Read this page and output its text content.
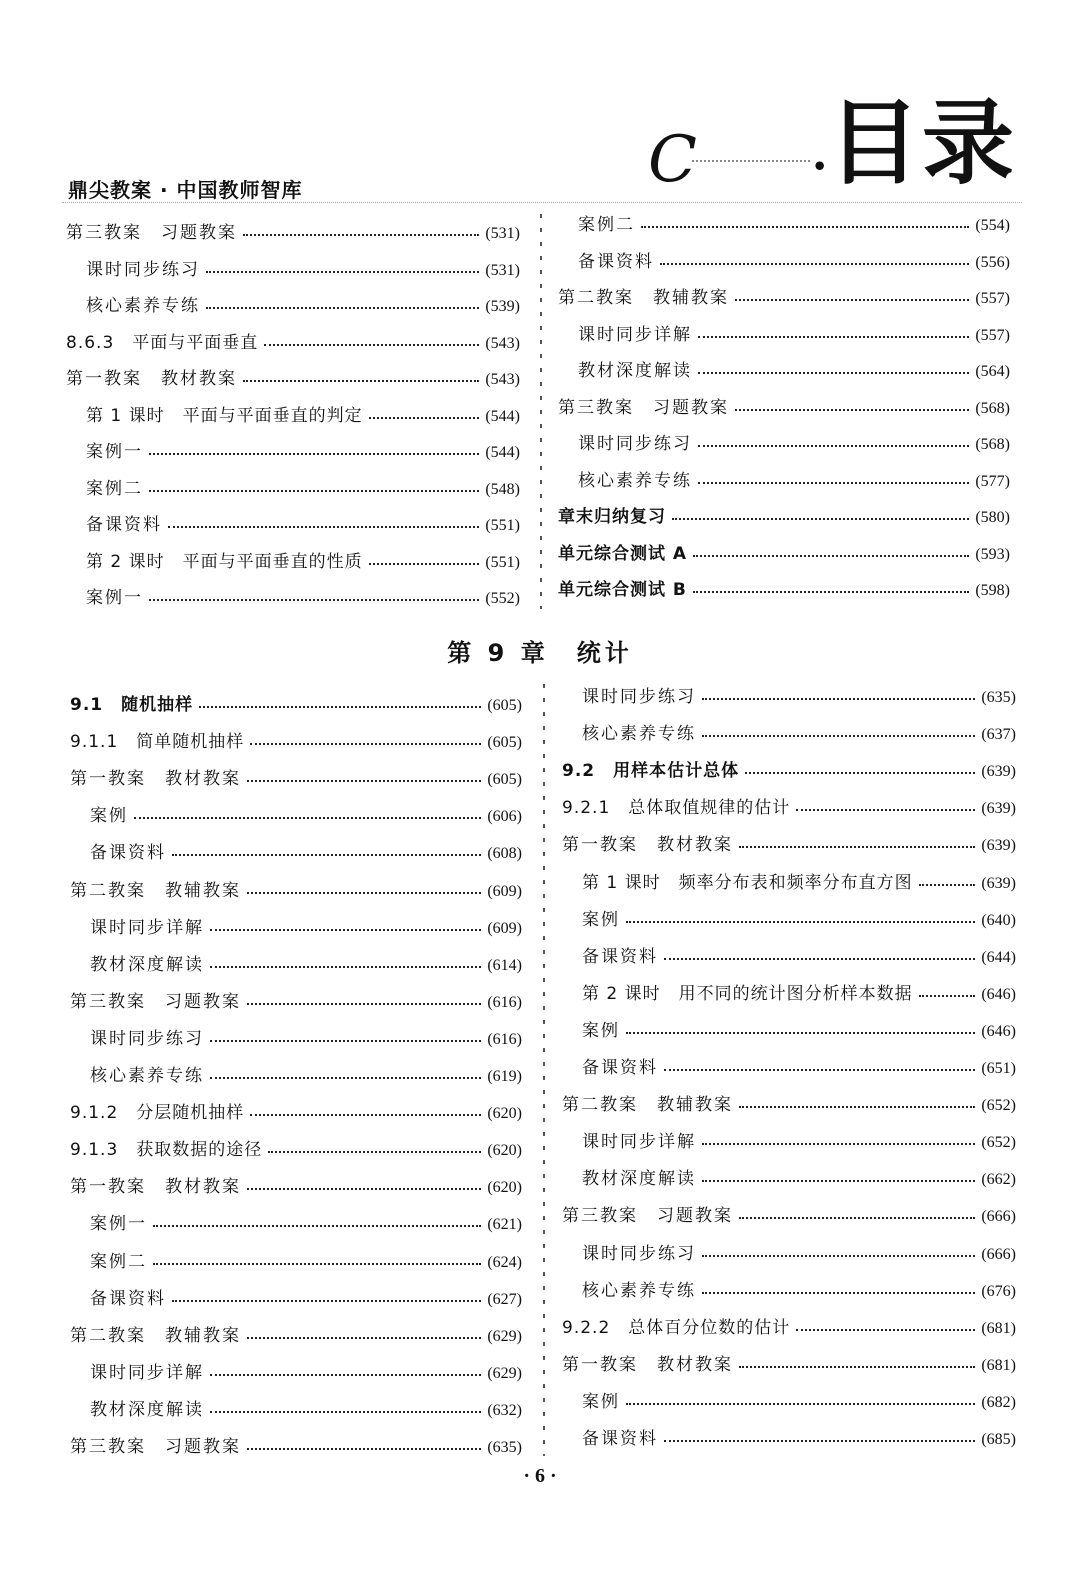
鼎尖教案 · 中国教师智库	C	• 目录
第三教案　习题教案	(531)
课时同步练习	(531)
核心素养专练	(539)
8.6.3　平面与平面垂直	(543)
第一教案　教材教案	(543)
第 1 课时　平面与平面垂直的判定	(544)
案例一	(544)
案例二	(548)
备课资料	(551)
第 2 课时　平面与平面垂直的性质	(551)
案例一	(552)
案例二	(554)
备课资料	(556)
第二教案　教辅教案	(557)
课时同步详解	(557)
教材深度解读	(564)
第三教案　习题教案	(568)
课时同步练习	(568)
核心素养专练	(577)
章末归纳复习	(580)
单元综合测试 A	(593)
单元综合测试 B	(598)
第 9 章　统计
9.1　随机抽样	(605)
9.1.1　简单随机抽样	(605)
第一教案　教材教案	(605)
案例	(606)
备课资料	(608)
第二教案　教辅教案	(609)
课时同步详解	(609)
教材深度解读	(614)
第三教案　习题教案	(616)
课时同步练习	(616)
核心素养专练	(619)
9.1.2　分层随机抽样	(620)
9.1.3　获取数据的途径	(620)
第一教案　教材教案	(620)
案例一	(621)
案例二	(624)
备课资料	(627)
第二教案　教辅教案	(629)
课时同步详解	(629)
教材深度解读	(632)
第三教案　习题教案	(635)
课时同步练习	(635)
核心素养专练	(637)
9.2　用样本估计总体	(639)
9.2.1　总体取值规律的估计	(639)
第一教案　教材教案	(639)
第 1 课时　频率分布表和频率分布直方图	(639)
案例	(640)
备课资料	(644)
第 2 课时　用不同的统计图分析样本数据	(646)
案例	(646)
备课资料	(651)
第二教案　教辅教案	(652)
课时同步详解	(652)
教材深度解读	(662)
第三教案　习题教案	(666)
课时同步练习	(666)
核心素养专练	(676)
9.2.2　总体百分位数的估计	(681)
第一教案　教材教案	(681)
案例	(682)
备课资料	(685)
· 6 ·
